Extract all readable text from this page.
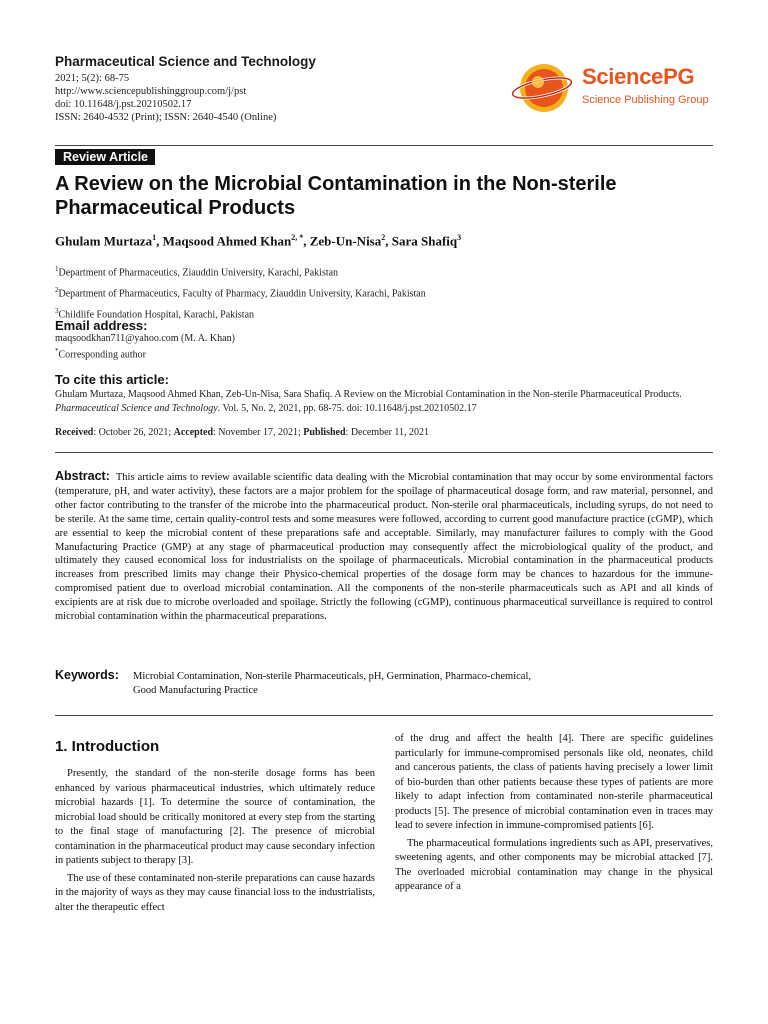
Pharmaceutical Science and Technology
2021; 5(2): 68-75
http://www.sciencepublishinggroup.com/j/pst
doi: 10.11648/j.pst.20210502.17
ISSN: 2640-4532 (Print); ISSN: 2640-4540 (Online)
SciencePG
Science Publishing Group
Review Article
A Review on the Microbial Contamination in the Non-sterile Pharmaceutical Products
Ghulam Murtaza$^1$, Maqsood Ahmed Khan$^{2, *}$, Zeb-Un-Nisa$^2$, Sara Shafiq$^3$
$^1$Department of Pharmaceutics, Ziauddin University, Karachi, Pakistan
$^2$Department of Pharmaceutics, Faculty of Pharmacy, Ziauddin University, Karachi, Pakistan
$^3$Childlife Foundation Hospital, Karachi, Pakistan
Email address:
maqsoodkhan711@yahoo.com (M. A. Khan)
*Corresponding author
To cite this article:
Ghulam Murtaza, Maqsood Ahmed Khan, Zeb-Un-Nisa, Sara Shafiq. A Review on the Microbial Contamination in the Non-sterile Pharmaceutical Products. Pharmaceutical Science and Technology. Vol. 5, No. 2, 2021, pp. 68-75. doi: 10.11648/j.pst.20210502.17
Received: October 26, 2021; Accepted: November 17, 2021; Published: December 11, 2021

Abstract: This article aims to review available scientific data dealing with the Microbial contamination that may occur by some environmental factors (temperature, pH, and water activity), these factors are a major problem for the spoilage of pharmaceutical dosage form, and raw material, personnel, and other factor contributing to the transfer of the microbe into the pharmaceutical product. Non-sterile oral pharmaceuticals, including syrups, do not need to be sterile. At the same time, certain quality-control tests and some measures were followed, according to current good manufacture practice (cGMP), which are essential to keep the microbial content of these preparations safe and acceptable. Similarly, may manufacturer failures to comply with the Good Manufacturing Practice (GMP) at any stage of pharmaceutical production may consequently affect the microbiological quality of the product, and ultimately they caused economical loss for industrialists on the spoilage of pharmaceuticals. Microbial contamination in the pharmaceutical products increases from prescribed limits may change their Physico-chemical properties of the dosage form may be chances to hazardous for the immune-compromised patient due to overload microbial contamination. All the components of the non-sterile pharmaceuticals such as API and all kinds of excipients are at risk due to microbe overloaded and spoilage. Strictly the following (cGMP), continuous pharmaceutical surveillance is required to control microbial contamination within the pharmaceutical preparations.

Keywords: Microbial Contamination, Non-sterile Pharmaceuticals, pH, Germination, Pharmaco-chemical,
Good Manufacturing Practice
1. Introduction

Presently, the standard of the non-sterile dosage forms has been enhanced by various pharmaceutical industries, which ultimately reduce microbial hazards [1]. To determine the source of contamination, the microbial load should be critically monitored at every step from the starting to the final stage of manufacturing [2]. The presence of microbial contamination in the pharmaceutical product may cause secondary infection in patients subject to therapy [3].

The use of these contaminated non-sterile preparations can cause hazards in the majority of ways as they may cause financial loss to the industrialists, alter the therapeutic effect

of the drug and affect the health [4]. There are specific guidelines particularly for immune-compromised personals like old, neonates, child and cancerous patients, the class of patients having precisely a lower limit of bio-burden than other patients because these types of patients are more likely to adapt infection from contaminated non-sterile pharmaceutical products [5]. The presence of microbial contamination even in traces may lead to severe infection in immune-compromised patients [6].

The pharmaceutical formulations ingredients such as API, preservatives, sweetening agents, and other components may be microbial attacked [7]. The overloaded microbial contamination may change in the physical appearance of a
